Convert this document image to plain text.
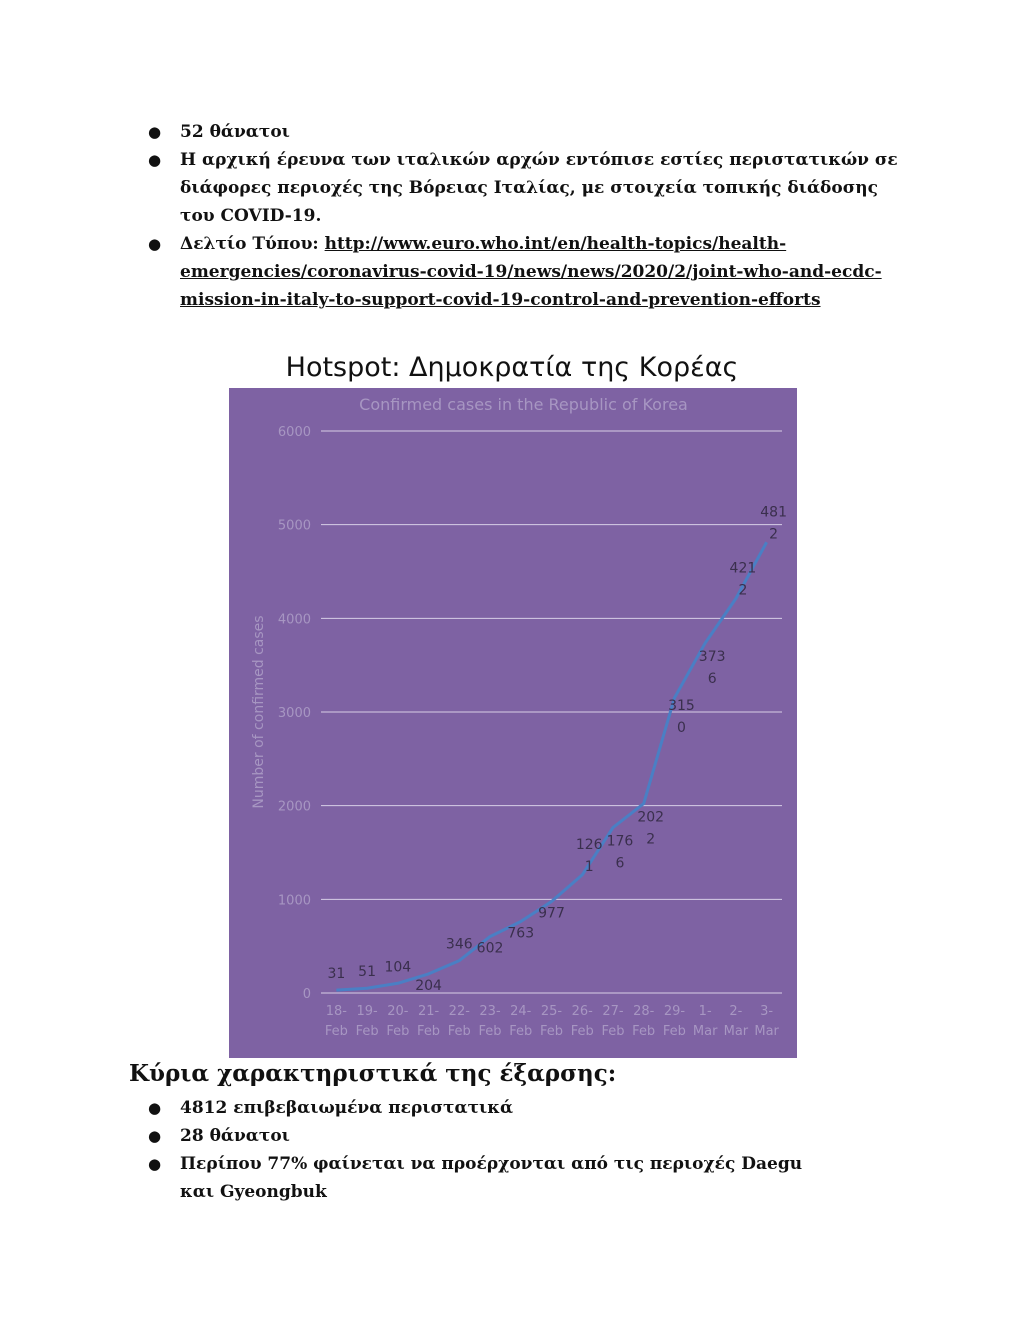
● 52 θάνατοι
● Η αρχική έρευνα των ιταλικών αρχών εντόπισε εστίες περιστατικών σε διάφορες περιοχές της Βόρειας Ιταλίας, με στοιχεία τοπικής διάδοσης του COVID-19.
● Δελτίο Τύπου: http://www.euro.who.int/en/health-topics/health-emergencies/coronavirus-covid-19/news/news/2020/2/joint-who-and-ecdc-mission-in-italy-to-support-covid-19-control-and-prevention-efforts
Hotspot: Δημοκρατία της Κορέας
Confirmed cases in the Republic of Korea
Number of confirmed cases
0
1000
2000
3000
4000
5000
6000
18-Feb
19-Feb
20-Feb
21-Feb
22-Feb
23-Feb
24-Feb
25-Feb
26-Feb
27-Feb
28-Feb
29-Feb
1-Mar
2-Mar
3-Mar
31 51 104
204
346 602
763
977
126 1
176 6
202 2
315 0
373 6
421 2
481 2
Κύρια χαρακτηριστικά της έξαρσης:
● 4812 επιβεβαιωμένα περιστατικά
● 28 θάνατοι
● Περίπου 77% φαίνεται να προέρχονται από τις περιοχές Daegu και Gyeongbuk
